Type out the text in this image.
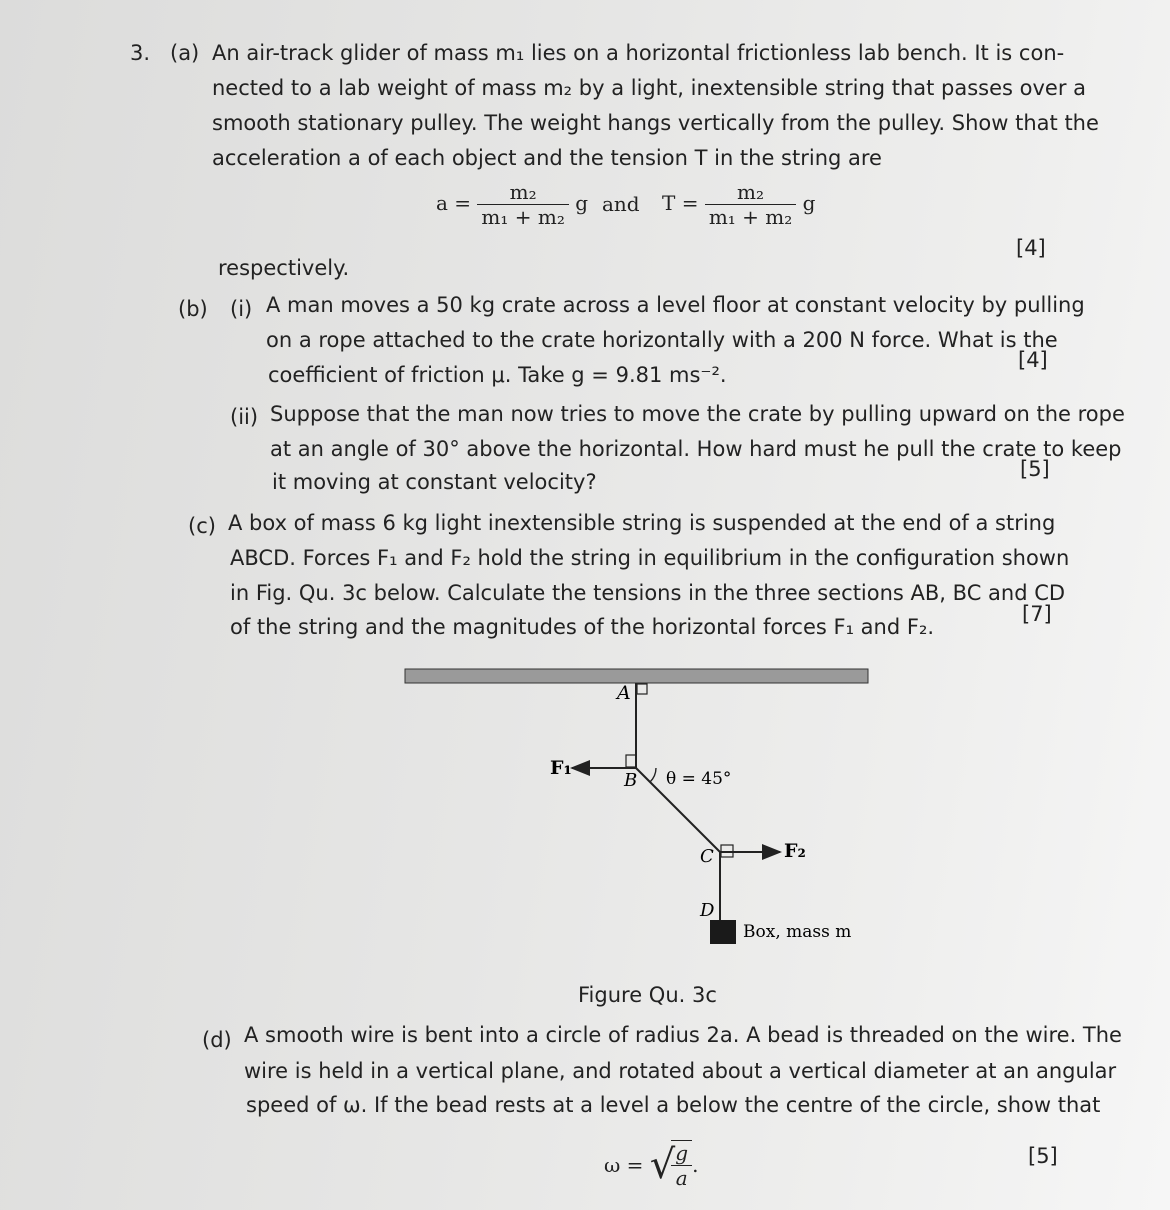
3. (a) An air-track glider of mass m₁ lies on a horizontal frictionless lab bench. It is con-
nected to a lab weight of mass m₂ by a light, inextensible string that passes over a
smooth stationary pulley. The weight hangs vertically from the pulley. Show that the
acceleration a of each object and the tension T in the string are
$a = \frac{\text{m₂}}{\text{m₁ + m₂}}$ g and $T = \frac{\text{m₂}}{\text{m₁ + m₂}}$ g
respectively.
[4]
(b) (i) A man moves a 50 kg crate across a level floor at constant velocity by pulling
on a rope attached to the crate horizontally with a 200 N force. What is the
coefficient of friction μ. Take g = 9.81 ms⁻².
[4]
(ii) Suppose that the man now tries to move the crate by pulling upward on the rope
at an angle of 30° above the horizontal. How hard must he pull the crate to keep
it moving at constant velocity?
[5]
(c) A box of mass 6 kg light inextensible string is suspended at the end of a string
ABCD. Forces F₁ and F₂ hold the string in equilibrium in the configuration shown
in Fig. Qu. 3c below. Calculate the tensions in the three sections AB, BC and CD
of the string and the magnitudes of the horizontal forces F₁ and F₂.
[7]
A
B
C
D
F₁
F₂
θ = 45°
Box, mass m
Figure Qu. 3c
(d) A smooth wire is bent into a circle of radius 2a. A bead is threaded on the wire. The
wire is held in a vertical plane, and rotated about a vertical diameter at an angular
speed of ω. If the bead rests at a level a below the centre of the circle, show that
ω = √
$\frac{g}{a}$ .	[5]
